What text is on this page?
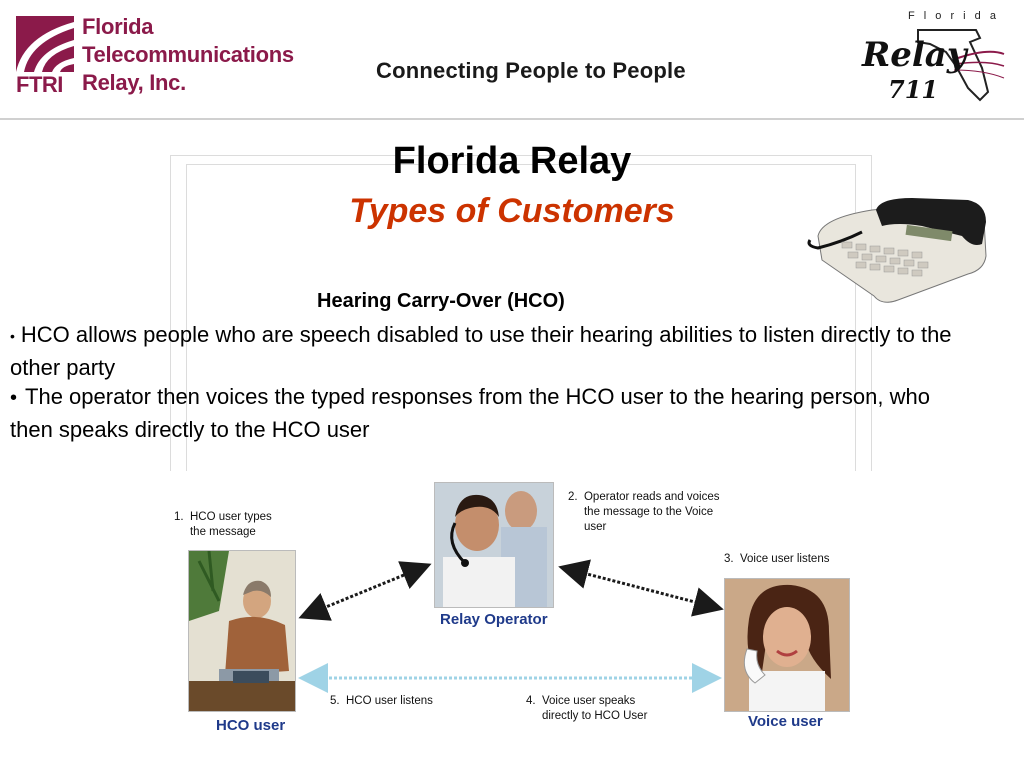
FTRI
Florida
Telecommunications
Relay, Inc.	Connecting People to People
F l o r i d a
Relay
711
Florida Relay
Types of Customers
Hearing Carry-Over (HCO)
• HCO allows people who are speech disabled to use their hearing abilities to listen directly to the other party
• The operator then voices the typed responses from the HCO user to the hearing person, who then speaks directly to the HCO user
Relay Operator
HCO user	Voice user
1.  HCO user types
the message
2.  Operator reads and voices
the message to the Voice
user
3.  Voice user listens
4.  Voice user speaks
directly to HCO User
5.  HCO user listens
